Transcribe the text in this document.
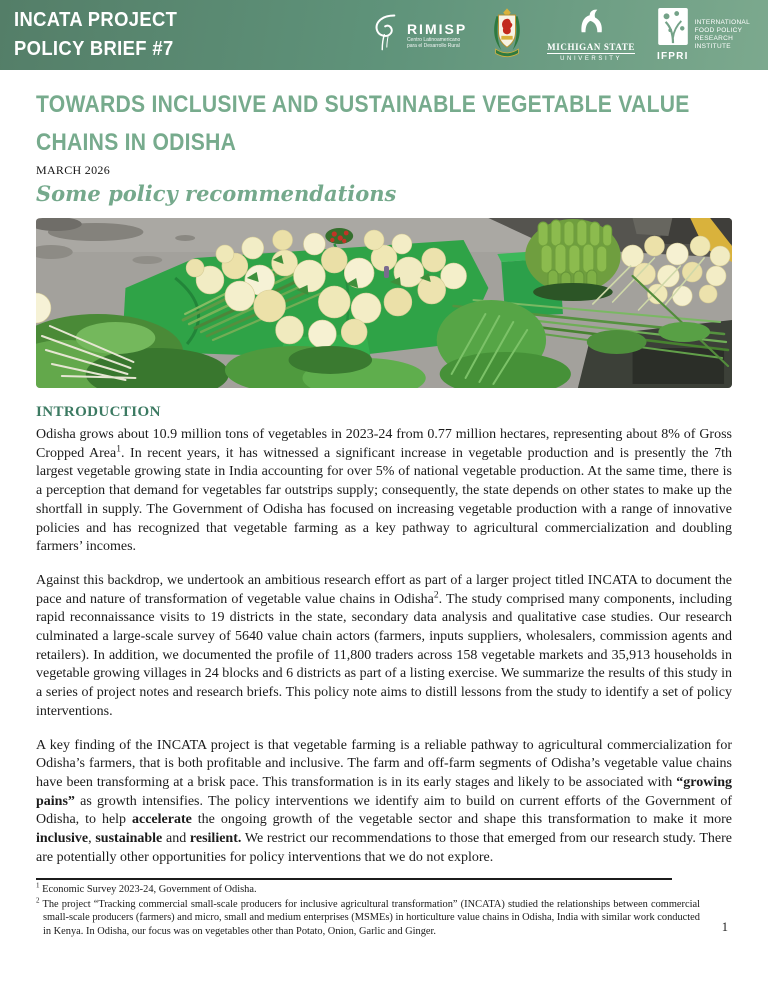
INCATA PROJECT
POLICY BRIEF #7
RIMISP
Centro Latinoamericano
para el Desarrollo Rural	MICHIGAN STATE
UNIVERSITY	IFPRI
INTERNATIONAL
FOOD POLICY
RESEARCH
INSTITUTE
TOWARDS INCLUSIVE AND SUSTAINABLE VEGETABLE VALUE
CHAINS IN ODISHA
MARCH 2026
Some policy recommendations
INTRODUCTION

Odisha grows about 10.9 million tons of vegetables in 2023-24 from 0.77 million hectares, representing about 8% of Gross Cropped Area$^1$. In recent years, it has witnessed a significant increase in vegetable production and is presently the 7th largest vegetable growing state in India accounting for over 5% of national vegetable production. At the same time, there is a perception that demand for vegetables far outstrips supply; consequently, the state depends on other states to make up the shortfall in supply. The Government of Odisha has focused on increasing vegetable production with a range of innovative policies and has recognized that vegetable farming as a key pathway to agricultural commercialization and doubling farmers’ incomes.

Against this backdrop, we undertook an ambitious research effort as part of a larger project titled INCATA to document the pace and nature of transformation of vegetable value chains in Odisha$^2$. The study comprised many components, including rapid reconnaissance visits to 19 districts in the state, secondary data analysis and qualitative case studies. Our research culminated a large-scale survey of 5640 value chain actors (farmers, inputs suppliers, wholesalers, commission agents and retailers). In addition, we documented the profile of 11,800 traders across 158 vegetable markets and 35,913 households in vegetable growing villages in 24 blocks and 6 districts as part of a listing exercise. We summarize the results of this study in a series of project notes and research briefs. This policy note aims to distill lessons from the study to identify a set of policy interventions.

A key finding of the INCATA project is that vegetable farming is a reliable pathway to agricultural commercialization for Odisha’s farmers, that is both profitable and inclusive. The farm and off-farm segments of Odisha’s vegetable value chains have been transforming at a brisk pace. This transformation is in its early stages and likely to be associated with “growing pains” as growth intensifies. The policy interventions we identify aim to build on current efforts of the Government of Odisha, to help accelerate the ongoing growth of the vegetable sector and shape this transformation to make it more inclusive, sustainable and resilient. We restrict our recommendations to those that emerged from our research study. There are potentially other opportunities for policy interventions that we do not explore.

$^1$ Economic Survey 2023-24, Government of Odisha.
$^2$ The project “Tracking commercial small-scale producers for inclusive agricultural transformation” (INCATA) studied the relationships between commercial small-scale producers (farmers) and micro, small and medium enterprises (MSMEs) in horticulture value chains in Odisha, India with similar work conducted in Kenya. In Odisha, our focus was on vegetables other than Potato, Onion, Garlic and Ginger.	1
